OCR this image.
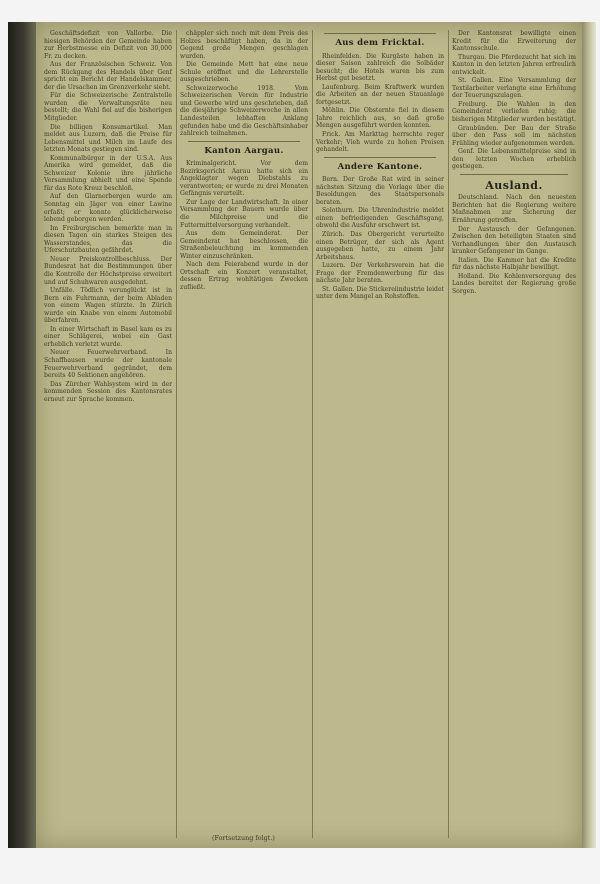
Geschäftsdefizit von Vallorbe. Die hiesigen Behörden der Gemeinde haben zur Herbstmesse ein Defizit von 30,000 Fr. zu decken.

Aus der Französischen Schweiz. Von dem Rückgang des Handels über Genf spricht ein Bericht der Handelskammer, der die Ursachen im Grenzverkehr sieht.

Für die Schweizerische Zentralstelle wurden die Verwaltungsräte neu bestellt; die Wahl fiel auf die bisherigen Mitglieder.

Die billigen Konsumartikel. Man meldet aus Luzern, daß die Preise für Lebensmittel und Milch im Laufe des letzten Monats gestiegen sind.

Kommunalbürger in der U.S.A. Aus Amerika wird gemeldet, daß die Schweizer Kolonie ihre jährliche Versammlung abhielt und eine Spende für das Rote Kreuz beschloß.

Auf den Glarnerbergen wurde am Sonntag ein Jäger von einer Lawine erfaßt; er konnte glücklicherweise lebend geborgen werden.

Im Freiburgischen bemerkte man in diesen Tagen ein starkes Steigen des Wasserstandes, das die Uferschutzbauten gefährdet.

Neuer Preiskontrollbeschluss. Der Bundesrat hat die Bestimmungen über die Kontrolle der Höchstpreise erweitert und auf Schuhwaren ausgedehnt.

Unfälle. Tödlich verunglückt ist in Bern ein Fuhrmann, der beim Abladen von einem Wagen stürzte. In Zürich wurde ein Knabe von einem Automobil überfahren.

In einer Wirtschaft in Basel kam es zu einer Schlägerei, wobei ein Gast erheblich verletzt wurde.

Neuer Feuerwehrverband. In Schaffhausen wurde der kantonale Feuerwehrverband gegründet, dem bereits 40 Sektionen angehören.

Das Zürcher Wahlsystem wird in der kommenden Session des Kantonsrates erneut zur Sprache kommen.

chäppler sich noch mit dem Preis des Holzes beschäftigt haben, da in der Gegend große Mengen geschlagen wurden.

Die Gemeinde Mett hat eine neue Schule eröffnet und die Lehrerstelle ausgeschrieben.

Schweizerwoche 1918. Vom Schweizerischen Verein für Industrie und Gewerbe wird uns geschrieben, daß die diesjährige Schweizerwoche in allen Landesteilen lebhaften Anklang gefunden habe und die Geschäftsinhaber zahlreich teilnahmen.

Kanton Aargau.

Kriminalgericht. Vor dem Bezirksgericht Aarau hatte sich ein Angeklagter wegen Diebstahls zu verantworten; er wurde zu drei Monaten Gefängnis verurteilt.

Zur Lage der Landwirtschaft. In einer Versammlung der Bauern wurde über die Milchpreise und die Futtermittelversorgung verhandelt.

Aus dem Gemeinderat. Der Gemeinderat hat beschlossen, die Straßenbeleuchtung im kommenden Winter einzuschränken.

Nach dem Feierabend wurde in der Ortschaft ein Konzert veranstaltet, dessen Ertrag wohltätigen Zwecken zufließt.

Aus dem Fricktal.

Rheinfelden. Die Kurgäste haben in dieser Saison zahlreich die Solbäder besucht; die Hotels waren bis zum Herbst gut besetzt.

Laufenburg. Beim Kraftwerk wurden die Arbeiten an der neuen Stauanlage fortgesetzt.

Möhlin. Die Obsternte fiel in diesem Jahre reichlich aus, so daß große Mengen ausgeführt werden konnten.

Frick. Am Markttag herrschte reger Verkehr; Vieh wurde zu hohen Preisen gehandelt.

Andere Kantone.

Bern. Der Große Rat wird in seiner nächsten Sitzung die Vorlage über die Besoldungen des Staatspersonals beraten.

Solothurn. Die Uhrenindustrie meldet einen befriedigenden Geschäftsgang, obwohl die Ausfuhr erschwert ist.

Zürich. Das Obergericht verurteilte einen Betrüger, der sich als Agent ausgegeben hatte, zu einem Jahr Arbeitshaus.

Luzern. Der Verkehrsverein hat die Frage der Fremdenwerbung für das nächste Jahr beraten.

St. Gallen. Die Stickereiindustrie leidet unter dem Mangel an Rohstoffen.

Der Kantonsrat bewilligte einen Kredit für die Erweiterung der Kantonsschule.

Thurgau. Die Pferdezucht hat sich im Kanton in den letzten Jahren erfreulich entwickelt.

St. Gallen. Eine Versammlung der Textilarbeiter verlangte eine Erhöhung der Teuerungszulagen.

Freiburg. Die Wahlen in den Gemeinderat verliefen ruhig; die bisherigen Mitglieder wurden bestätigt.

Graubünden. Der Bau der Straße über den Pass soll im nächsten Frühling wieder aufgenommen werden.

Genf. Die Lebensmittelpreise sind in den letzten Wochen erheblich gestiegen.

Ausland.

Deutschland. Nach den neuesten Berichten hat die Regierung weitere Maßnahmen zur Sicherung der Ernährung getroffen.

Der Austausch der Gefangenen. Zwischen den beteiligten Staaten sind Verhandlungen über den Austausch kranker Gefangener im Gange.

Italien. Die Kammer hat die Kredite für das nächste Halbjahr bewilligt.

Holland. Die Kohlenversorgung des Landes bereitet der Regierung große Sorgen.

(Fortsetzung folgt.)
